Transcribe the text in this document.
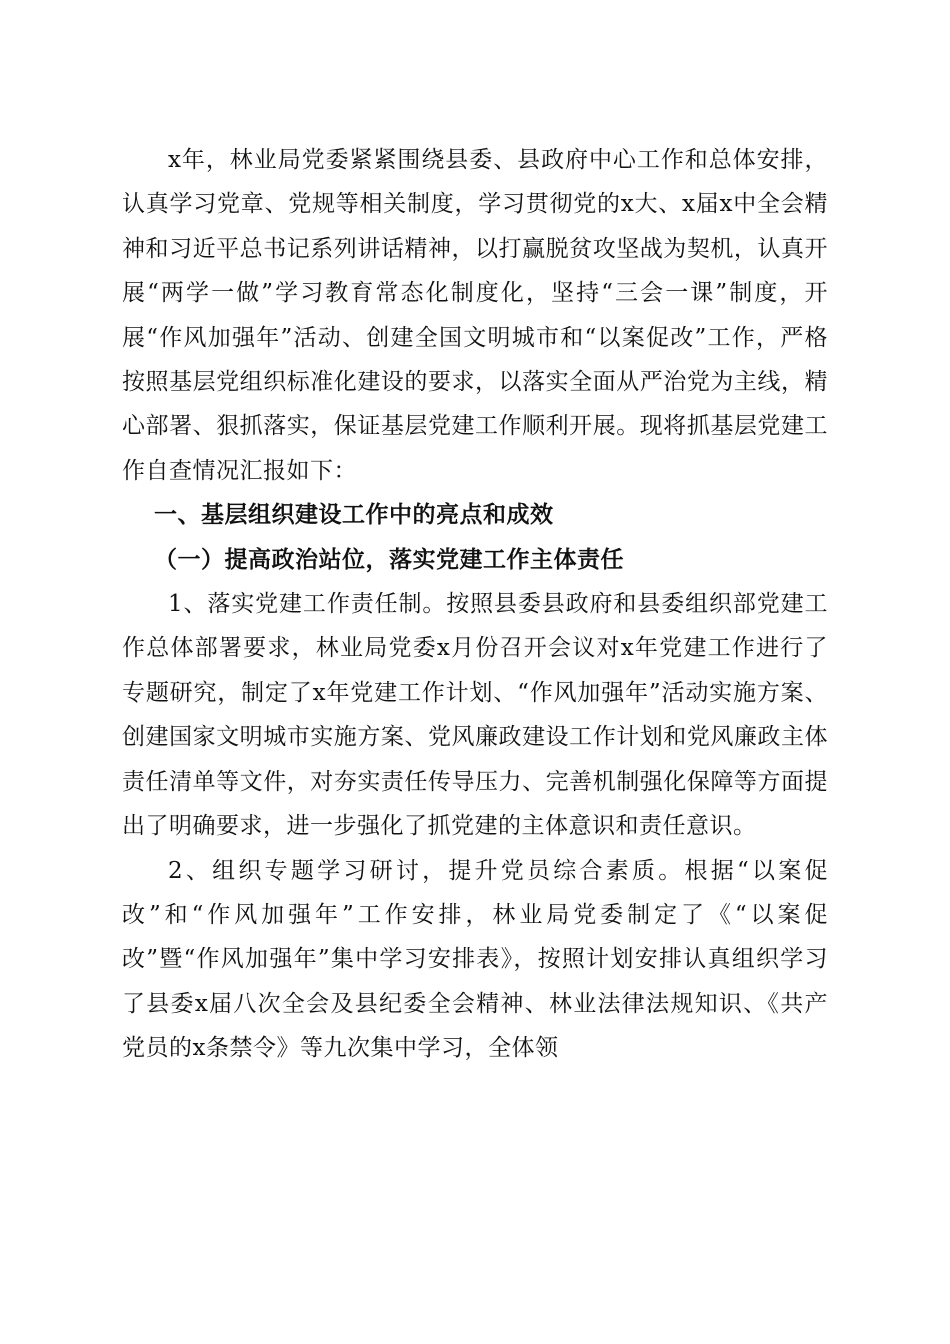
x年，林业局党委紧紧围绕县委、县政府中心工作和总体安排，认真学习党章、党规等相关制度，学习贯彻党的x大、x届x中全会精神和习近平总书记系列讲话精神，以打赢脱贫攻坚战为契机，认真开展“两学一做”学习教育常态化制度化，坚持“三会一课”制度，开展“作风加强年”活动、创建全国文明城市和“以案促改”工作，严格按照基层党组织标准化建设的要求，以落实全面从严治党为主线，精心部署、狠抓落实，保证基层党建工作顺利开展。现将抓基层党建工作自查情况汇报如下：

一、基层组织建设工作中的亮点和成效

（一）提高政治站位，落实党建工作主体责任

1、落实党建工作责任制。按照县委县政府和县委组织部党建工作总体部署要求，林业局党委x月份召开会议对x年党建工作进行了专题研究，制定了x年党建工作计划、“作风加强年”活动实施方案、创建国家文明城市实施方案、党风廉政建设工作计划和党风廉政主体责任清单等文件，对夯实责任传导压力、完善机制强化保障等方面提出了明确要求，进一步强化了抓党建的主体意识和责任意识。

2、组织专题学习研讨，提升党员综合素质。根据“以案促改”和“作风加强年”工作安排，林业局党委制定了《“以案促改”暨“作风加强年”集中学习安排表》，按照计划安排认真组织学习了县委x届八次全会及县纪委全会精神、林业法律法规知识、《共产党员的x条禁令》等九次集中学习，全体领
